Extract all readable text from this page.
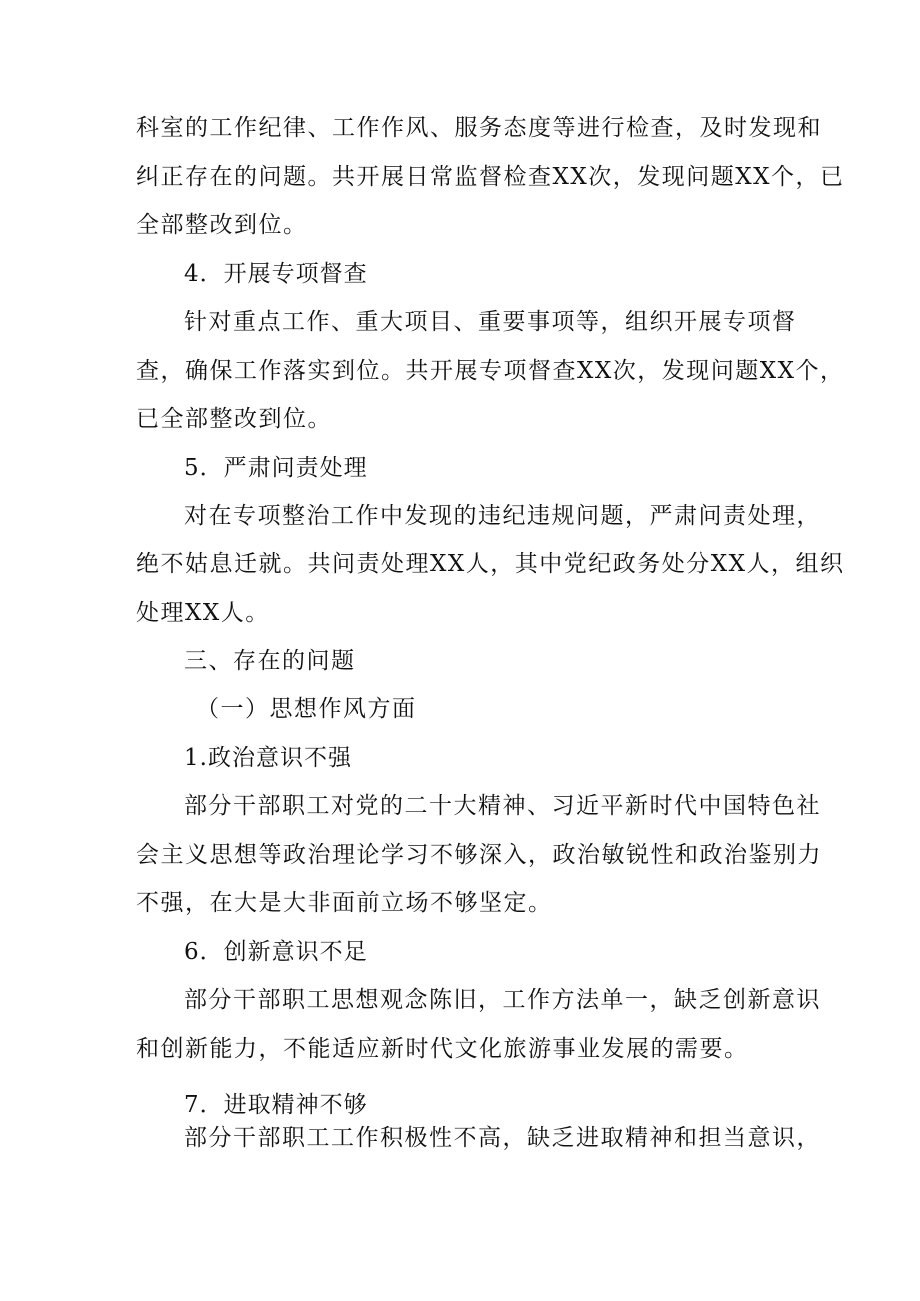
科室的工作纪律、工作作风、服务态度等进行检查，及时发现和
纠正存在的问题。共开展日常监督检查XX次，发现问题XX个，已
全部整改到位。
4．开展专项督查
针对重点工作、重大项目、重要事项等，组织开展专项督
查，确保工作落实到位。共开展专项督查XX次，发现问题XX个，
已全部整改到位。
5．严肃问责处理
对在专项整治工作中发现的违纪违规问题，严肃问责处理，
绝不姑息迁就。共问责处理XX人，其中党纪政务处分XX人，组织
处理XX人。
三、存在的问题
（一）思想作风方面
1.政治意识不强
部分干部职工对党的二十大精神、习近平新时代中国特色社
会主义思想等政治理论学习不够深入，政治敏锐性和政治鉴别力
不强，在大是大非面前立场不够坚定。
6．创新意识不足
部分干部职工思想观念陈旧，工作方法单一，缺乏创新意识
和创新能力，不能适应新时代文化旅游事业发展的需要。
7．进取精神不够
部分干部职工工作积极性不高，缺乏进取精神和担当意识，
